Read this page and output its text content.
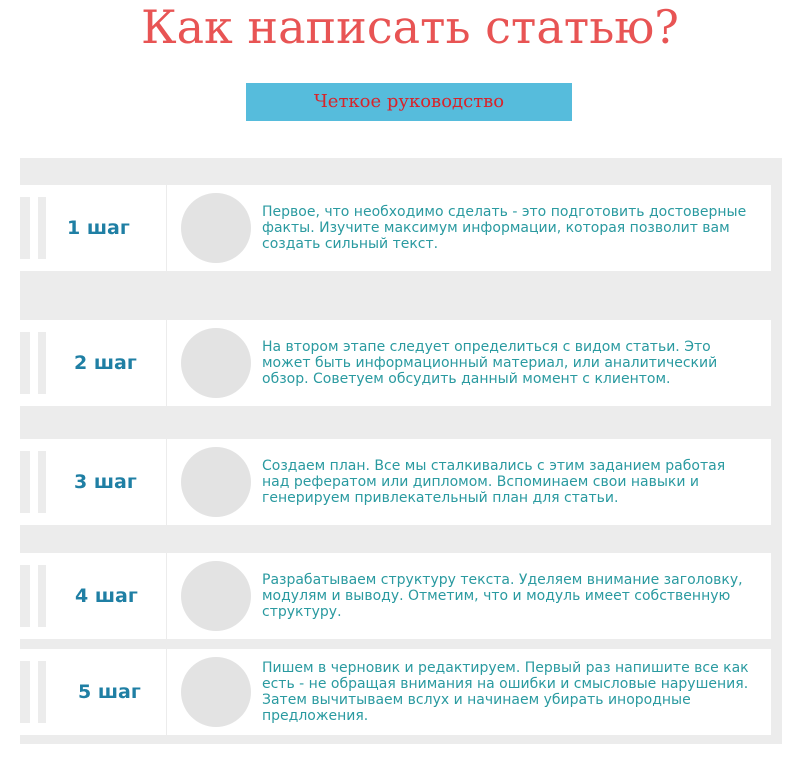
Как написать статью?
Четкое руководство
1 шаг
Первое, что необходимо сделать - это подготовить достоверные факты. Изучите максимум информации, которая позволит вам создать сильный текст.
2 шаг
На втором этапе следует определиться с видом статьи. Это может быть информационный материал, или аналитический обзор. Советуем обсудить данный момент с клиентом.
3 шаг
Создаем план. Все мы сталкивались с этим заданием работая над рефератом или дипломом. Вспоминаем свои навыки и генерируем привлекательный план для статьи.
4 шаг
Разрабатываем структуру текста. Уделяем внимание заголовку, модулям и выводу. Отметим, что и модуль имеет собственную структуру.
5 шаг
Пишем в черновик и редактируем. Первый раз напишите все как есть - не обращая внимания на ошибки и смысловые нарушения. Затем вычитываем вслух и начинаем убирать инородные предложения.
